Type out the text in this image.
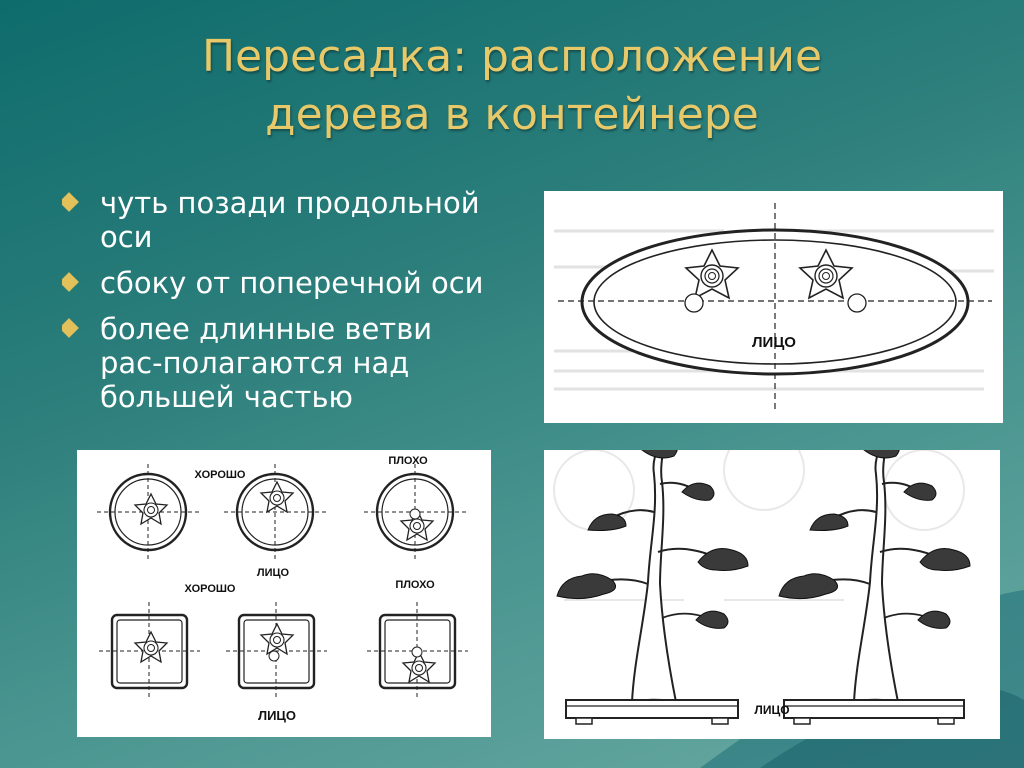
Пересадка: расположение
дерева в контейнере
чуть позади продольной оси
сбоку от поперечной оси
более длинные ветви рас-полагаются над большей частью
ЛИЦО
ХОРОШО
ПЛОХО
ЛИЦО
ХОРОШО	ПЛОХО
ЛИЦО	ЛИЦО
